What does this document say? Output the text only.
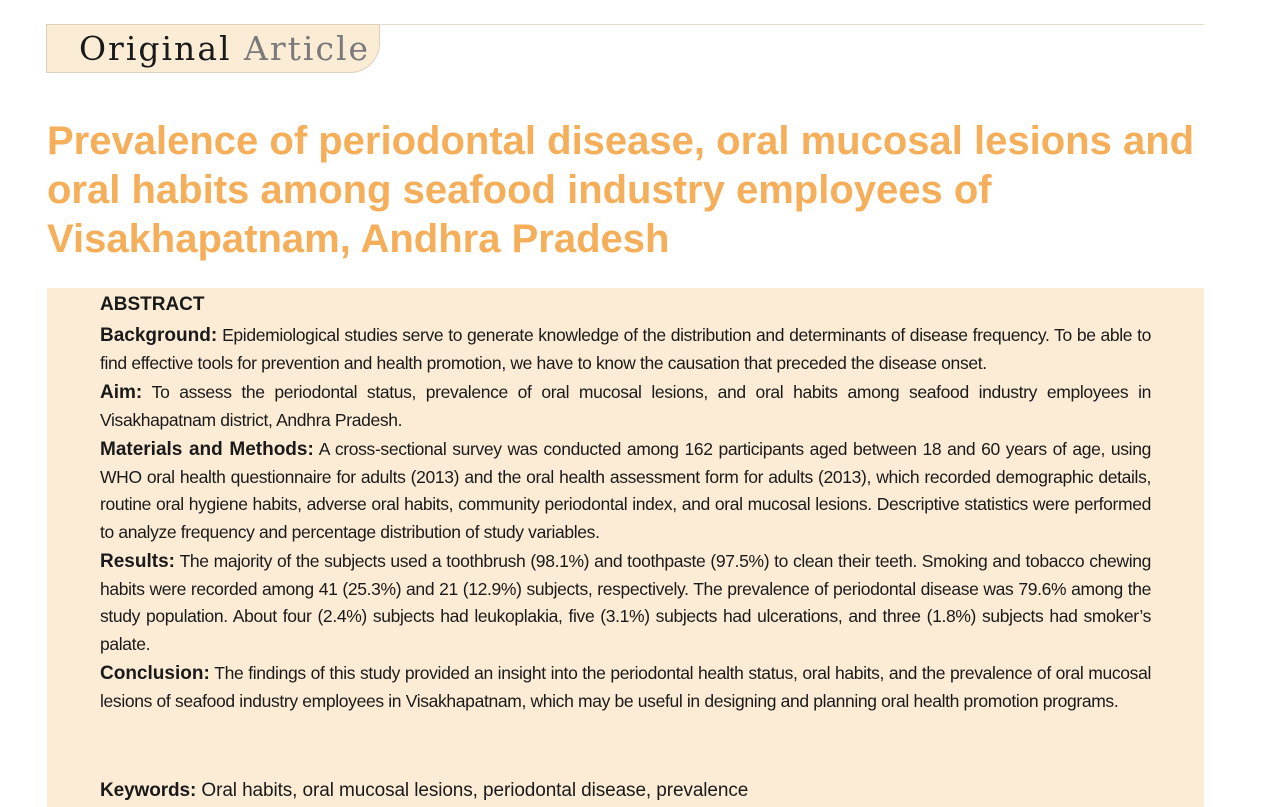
Original Article
Prevalence of periodontal disease, oral mucosal lesions and oral habits among seafood industry employees of Visakhapatnam, Andhra Pradesh
ABSTRACT

Background: Epidemiological studies serve to generate knowledge of the distribution and determinants of disease frequency. To be able to find effective tools for prevention and health promotion, we have to know the causation that preceded the disease onset.

Aim: To assess the periodontal status, prevalence of oral mucosal lesions, and oral habits among seafood industry employees in Visakhapatnam district, Andhra Pradesh.

Materials and Methods: A cross-sectional survey was conducted among 162 participants aged between 18 and 60 years of age, using WHO oral health questionnaire for adults (2013) and the oral health assessment form for adults (2013), which recorded demographic details, routine oral hygiene habits, adverse oral habits, community periodontal index, and oral mucosal lesions. Descriptive statistics were performed to analyze frequency and percentage distribution of study variables.

Results: The majority of the subjects used a toothbrush (98.1%) and toothpaste (97.5%) to clean their teeth. Smoking and tobacco chewing habits were recorded among 41 (25.3%) and 21 (12.9%) subjects, respectively. The prevalence of periodontal disease was 79.6% among the study population. About four (2.4%) subjects had leukoplakia, five (3.1%) subjects had ulcerations, and three (1.8%) subjects had smoker’s palate.

Conclusion: The findings of this study provided an insight into the periodontal health status, oral habits, and the prevalence of oral mucosal lesions of seafood industry employees in Visakhapatnam, which may be useful in designing and planning oral health promotion programs.

Keywords: Oral habits, oral mucosal lesions, periodontal disease, prevalence
